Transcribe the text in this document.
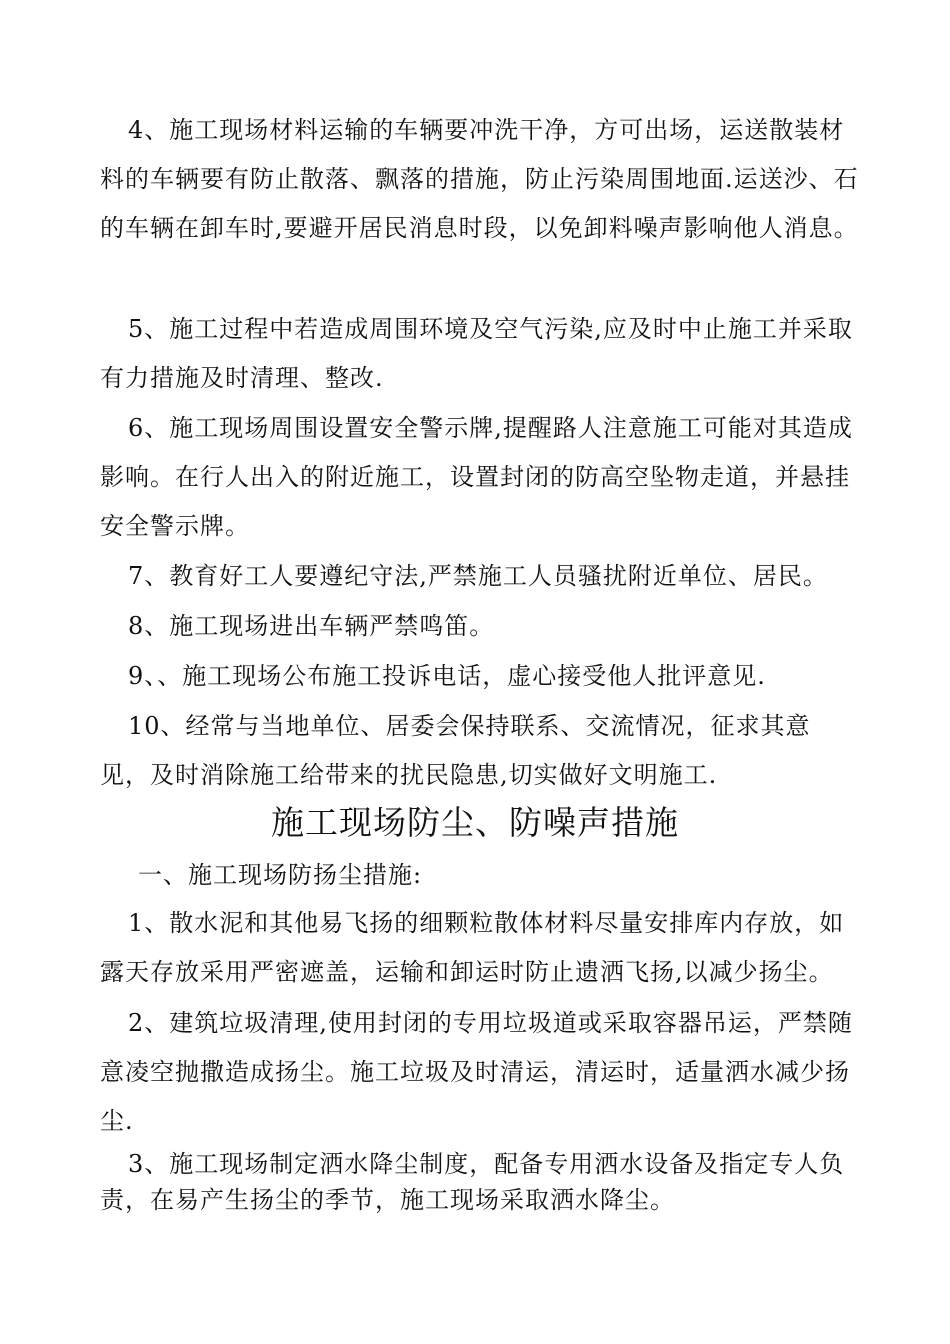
4、施工现场材料运输的车辆要冲洗干净，方可出场，运送散装材料的车辆要有防止散落、飘落的措施，防止污染周围地面.运送沙、石的车辆在卸车时,要避开居民消息时段，以免卸料噪声影响他人消息。

5、施工过程中若造成周围环境及空气污染,应及时中止施工并采取有力措施及时清理、整改.

6、施工现场周围设置安全警示牌,提醒路人注意施工可能对其造成影响。在行人出入的附近施工，设置封闭的防高空坠物走道，并悬挂安全警示牌。

7、教育好工人要遵纪守法,严禁施工人员骚扰附近单位、居民。

8、施工现场进出车辆严禁鸣笛。

9、、施工现场公布施工投诉电话，虚心接受他人批评意见.

10、经常与当地单位、居委会保持联系、交流情况，征求其意见，及时消除施工给带来的扰民隐患,切实做好文明施工.

施工现场防尘、防噪声措施

一、施工现场防扬尘措施:

1、散水泥和其他易飞扬的细颗粒散体材料尽量安排库内存放，如露天存放采用严密遮盖，运输和卸运时防止遗洒飞扬,以减少扬尘。

2、建筑垃圾清理,使用封闭的专用垃圾道或采取容器吊运，严禁随意凌空抛撒造成扬尘。施工垃圾及时清运，清运时，适量洒水减少扬尘.

3、施工现场制定洒水降尘制度，配备专用洒水设备及指定专人负责，在易产生扬尘的季节，施工现场采取洒水降尘。
